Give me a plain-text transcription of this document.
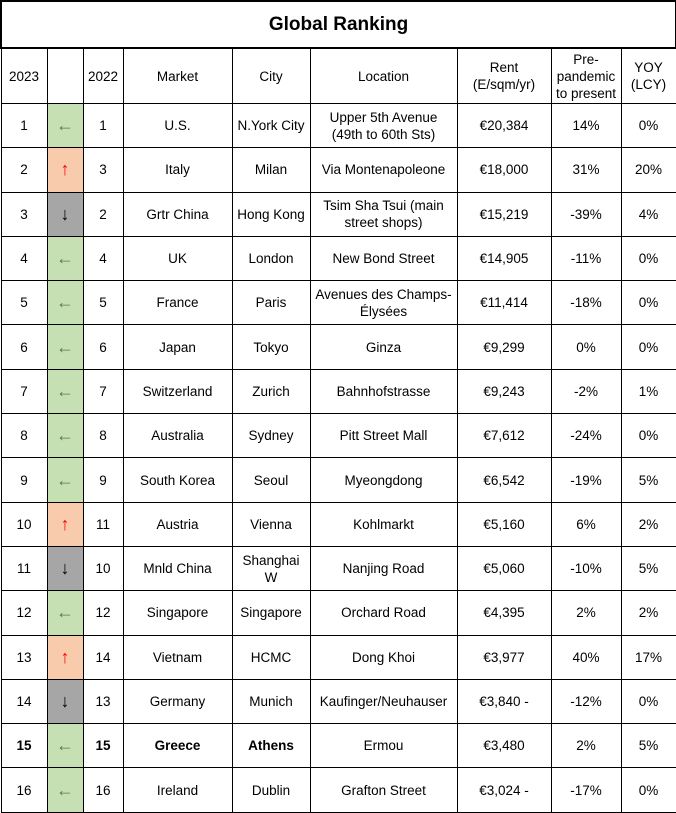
Global Ranking								
2023		2022	Market	City	Location	Rent (E/sqm/yr)	Pre-pandemic to present	YOY (LCY)
1	←	1	U.S.	N.York City	Upper 5th Avenue (49th to 60th Sts)	€20,384	14%	0%
2	↑	3	Italy	Milan	Via Montenapoleone	€18,000	31%	20%
3	↓	2	Grtr China	Hong Kong	Tsim Sha Tsui (main street shops)	€15,219	-39%	4%
4	←	4	UK	London	New Bond Street	€14,905	-11%	0%
5	←	5	France	Paris	Avenues des Champs-Élysées	€11,414	-18%	0%
6	←	6	Japan	Tokyo	Ginza	€9,299	0%	0%
7	←	7	Switzerland	Zurich	Bahnhofstrasse	€9,243	-2%	1%
8	←	8	Australia	Sydney	Pitt Street Mall	€7,612	-24%	0%
9	←	9	South Korea	Seoul	Myeongdong	€6,542	-19%	5%
10	↑	11	Austria	Vienna	Kohlmarkt	€5,160	6%	2%
11	↓	10	Mnld China	Shanghai W	Nanjing Road	€5,060	-10%	5%
12	←	12	Singapore	Singapore	Orchard Road	€4,395	2%	2%
13	↑	14	Vietnam	HCMC	Dong Khoi	€3,977	40%	17%
14	↓	13	Germany	Munich	Kaufinger/Neuhauser	€3,840 -	-12%	0%
15	←	15	Greece	Athens	Ermou	€3,480	2%	5%
16	←	16	Ireland	Dublin	Grafton Street	€3,024 -	-17%	0%
